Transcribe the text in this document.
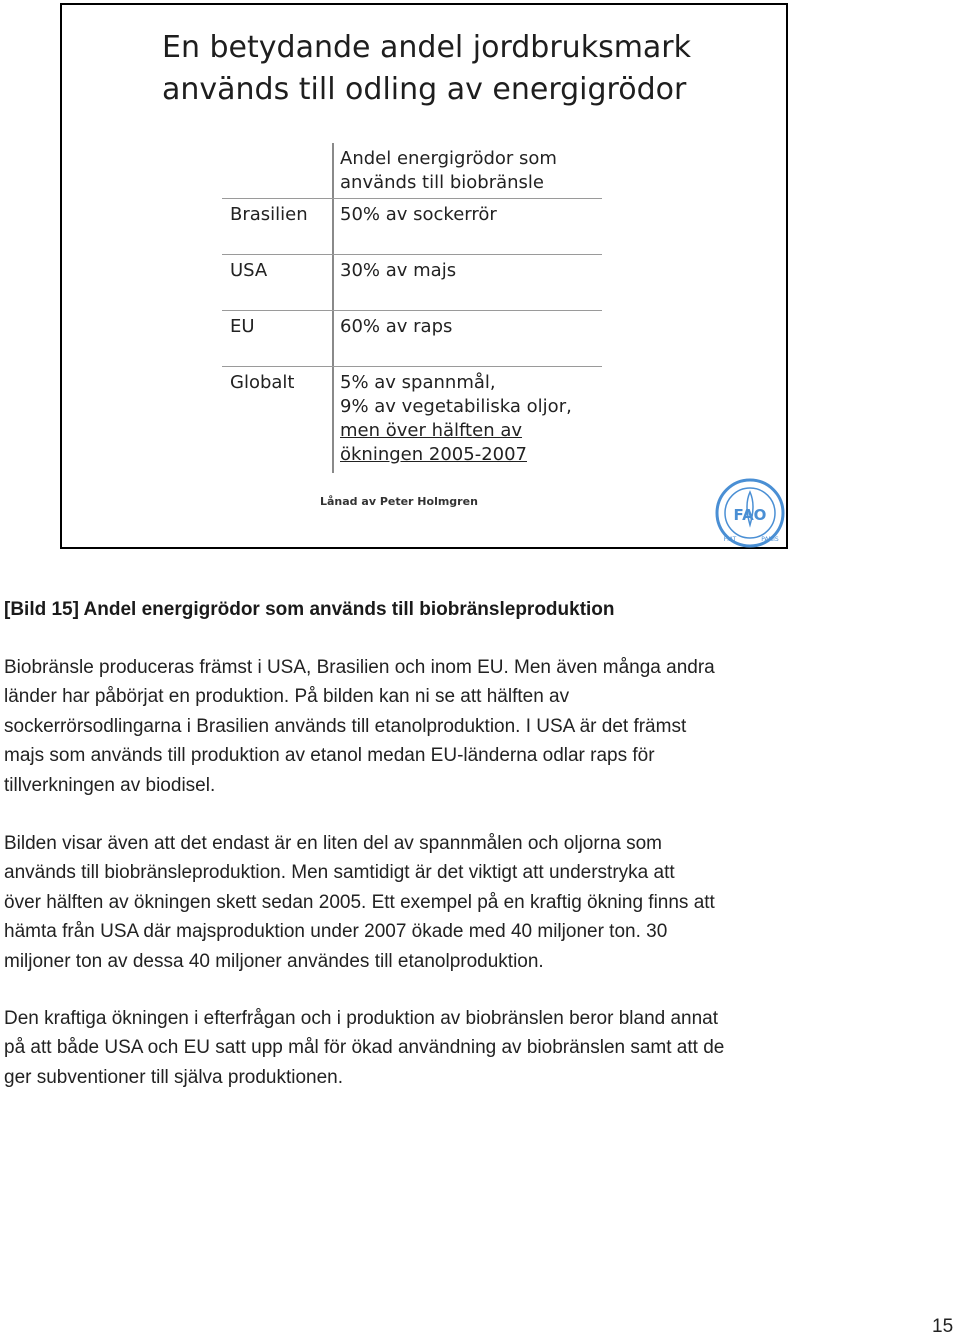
En betydande andel jordbruksmark
används till odling av energigrödor
Andel energigrödor som
används till biobränsle
Brasilien 50% av sockerrör
USA	30% av majs
EU	60% av raps
Globalt	5% av spannmål,
9% av vegetabiliska oljor,
men över hälften av
ökningen 2005-2007
Lånad av Peter Holmgren
FAO
FIAT	PANIS

[Bild 15] Andel energigrödor som används till biobränsleproduktion

Biobränsle produceras främst i USA, Brasilien och inom EU. Men även många andra
länder har påbörjat en produktion. På bilden kan ni se att hälften av
sockerrörsodlingarna i Brasilien används till etanolproduktion. I USA är det främst
majs som används till produktion av etanol medan EU-länderna odlar raps för
tillverkningen av biodisel.
Bilden visar även att det endast är en liten del av spannmålen och oljorna som
används till biobränsleproduktion. Men samtidigt är det viktigt att understryka att
över hälften av ökningen skett sedan 2005. Ett exempel på en kraftig ökning finns att
hämta från USA där majsproduktion under 2007 ökade med 40 miljoner ton. 30
miljoner ton av dessa 40 miljoner användes till etanolproduktion.
Den kraftiga ökningen i efterfrågan och i produktion av biobränslen beror bland annat
på att både USA och EU satt upp mål för ökad användning av biobränslen samt att de
ger subventioner till själva produktionen.
15
